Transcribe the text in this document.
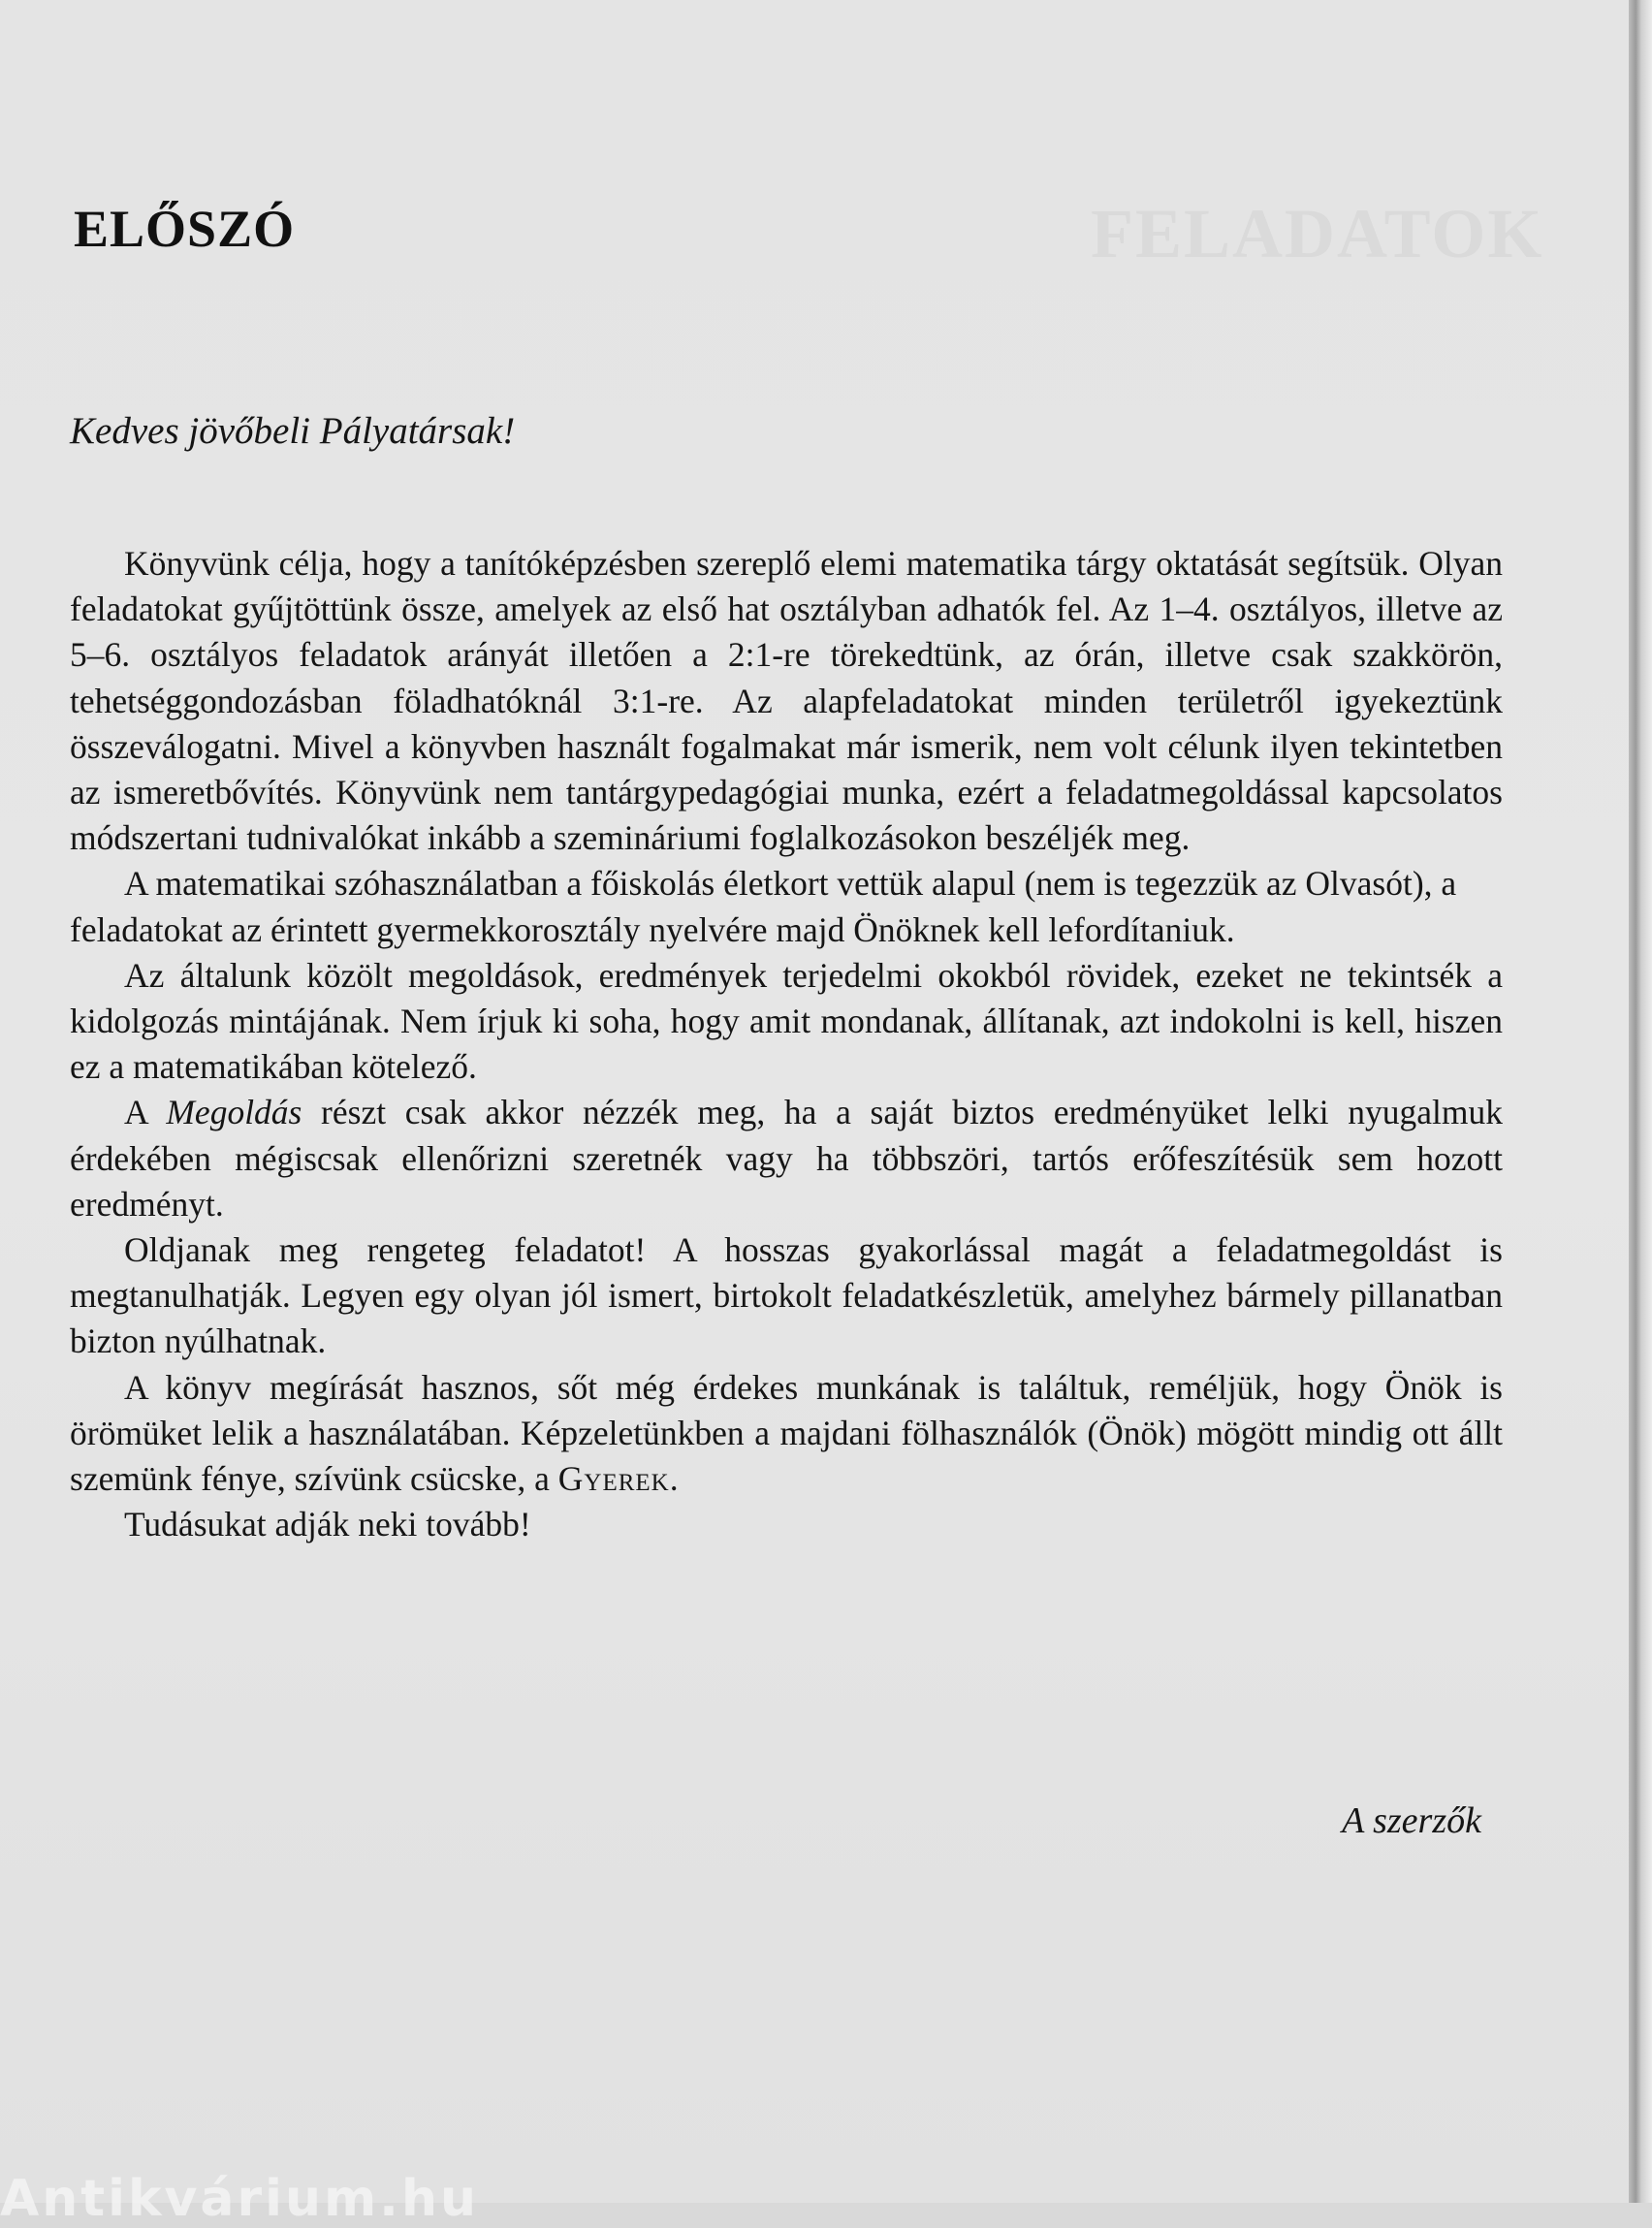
FELADATOK
ELŐSZÓ

Kedves jövőbeli Pályatársak!

Könyvünk célja, hogy a tanítóképzésben szereplő elemi matematika tárgy oktatását segítsük. Olyan feladatokat gyűjtöttünk össze, amelyek az első hat osztályban adhatók fel. Az 1–4. osztályos, illetve az 5–6. osztályos feladatok arányát illetően a 2:1-re törekedtünk, az órán, illetve csak szakkörön, tehetséggondozásban föladhatóknál 3:1-re. Az alapfeladatokat minden területről igyekeztünk összeválogatni. Mivel a könyvben használt fogalmakat már ismerik, nem volt célunk ilyen tekintetben az ismeretbővítés. Könyvünk nem tantárgypedagógiai munka, ezért a feladatmegoldással kapcsolatos módszertani tudnivalókat inkább a szemináriumi foglalkozásokon beszéljék meg.

A matematikai szóhasználatban a főiskolás életkort vettük alapul (nem is tegezzük az Olvasót), a feladatokat az érintett gyermekkorosztály nyelvére majd Önöknek kell lefordítaniuk.

Az általunk közölt megoldások, eredmények terjedelmi okokból rövidek, ezeket ne tekintsék a kidolgozás mintájának. Nem írjuk ki soha, hogy amit mondanak, állítanak, azt indokolni is kell, hiszen ez a matematikában kötelező.

A Megoldás részt csak akkor nézzék meg, ha a saját biztos eredményüket lelki nyugalmuk érdekében mégiscsak ellenőrizni szeretnék vagy ha többszöri, tartós erőfeszítésük sem hozott eredményt.

Oldjanak meg rengeteg feladatot! A hosszas gyakorlással magát a feladatmegoldást is megtanulhatják. Legyen egy olyan jól ismert, birtokolt feladatkészletük, amelyhez bármely pillanatban bizton nyúlhatnak.

A könyv megírását hasznos, sőt még érdekes munkának is találtuk, reméljük, hogy Önök is örömüket lelik a használatában. Képzeletünkben a majdani fölhasználók (Önök) mögött mindig ott állt szemünk fénye, szívünk csücske, a Gyerek.

Tudásukat adják neki tovább!

A szerzők

Antikvárium.hu
